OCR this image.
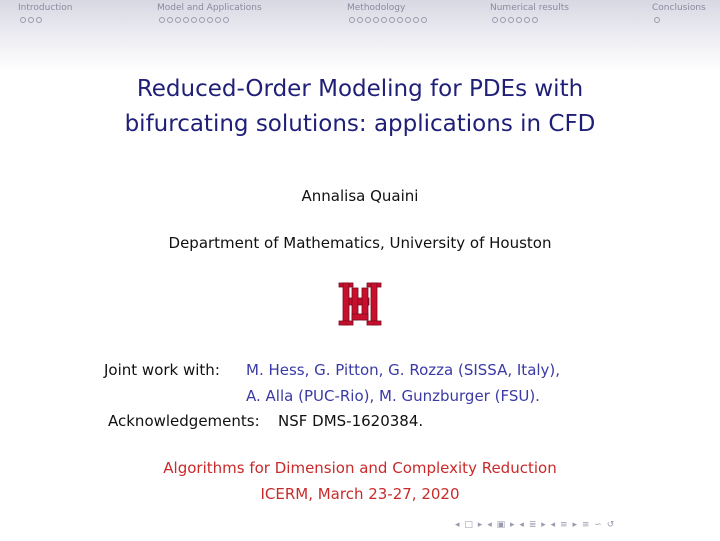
Introduction	Model and Applications	Methodology	Numerical results	Conclusions
Reduced-Order Modeling for PDEs with
bifurcating solutions: applications in CFD
Annalisa Quaini
Department of Mathematics, University of Houston
Joint work with: M. Hess, G. Pitton, G. Rozza (SISSA, Italy),
A. Alla (PUC-Rio), M. Gunzburger (FSU).
Acknowledgements: NSF DMS-1620384.
Algorithms for Dimension and Complexity Reduction
ICERM, March 23-27, 2020
◂ □ ▸ ◂ ▣ ▸ ◂ ≣ ▸ ◂ ≡ ▸ ≡ ∽ ↺
